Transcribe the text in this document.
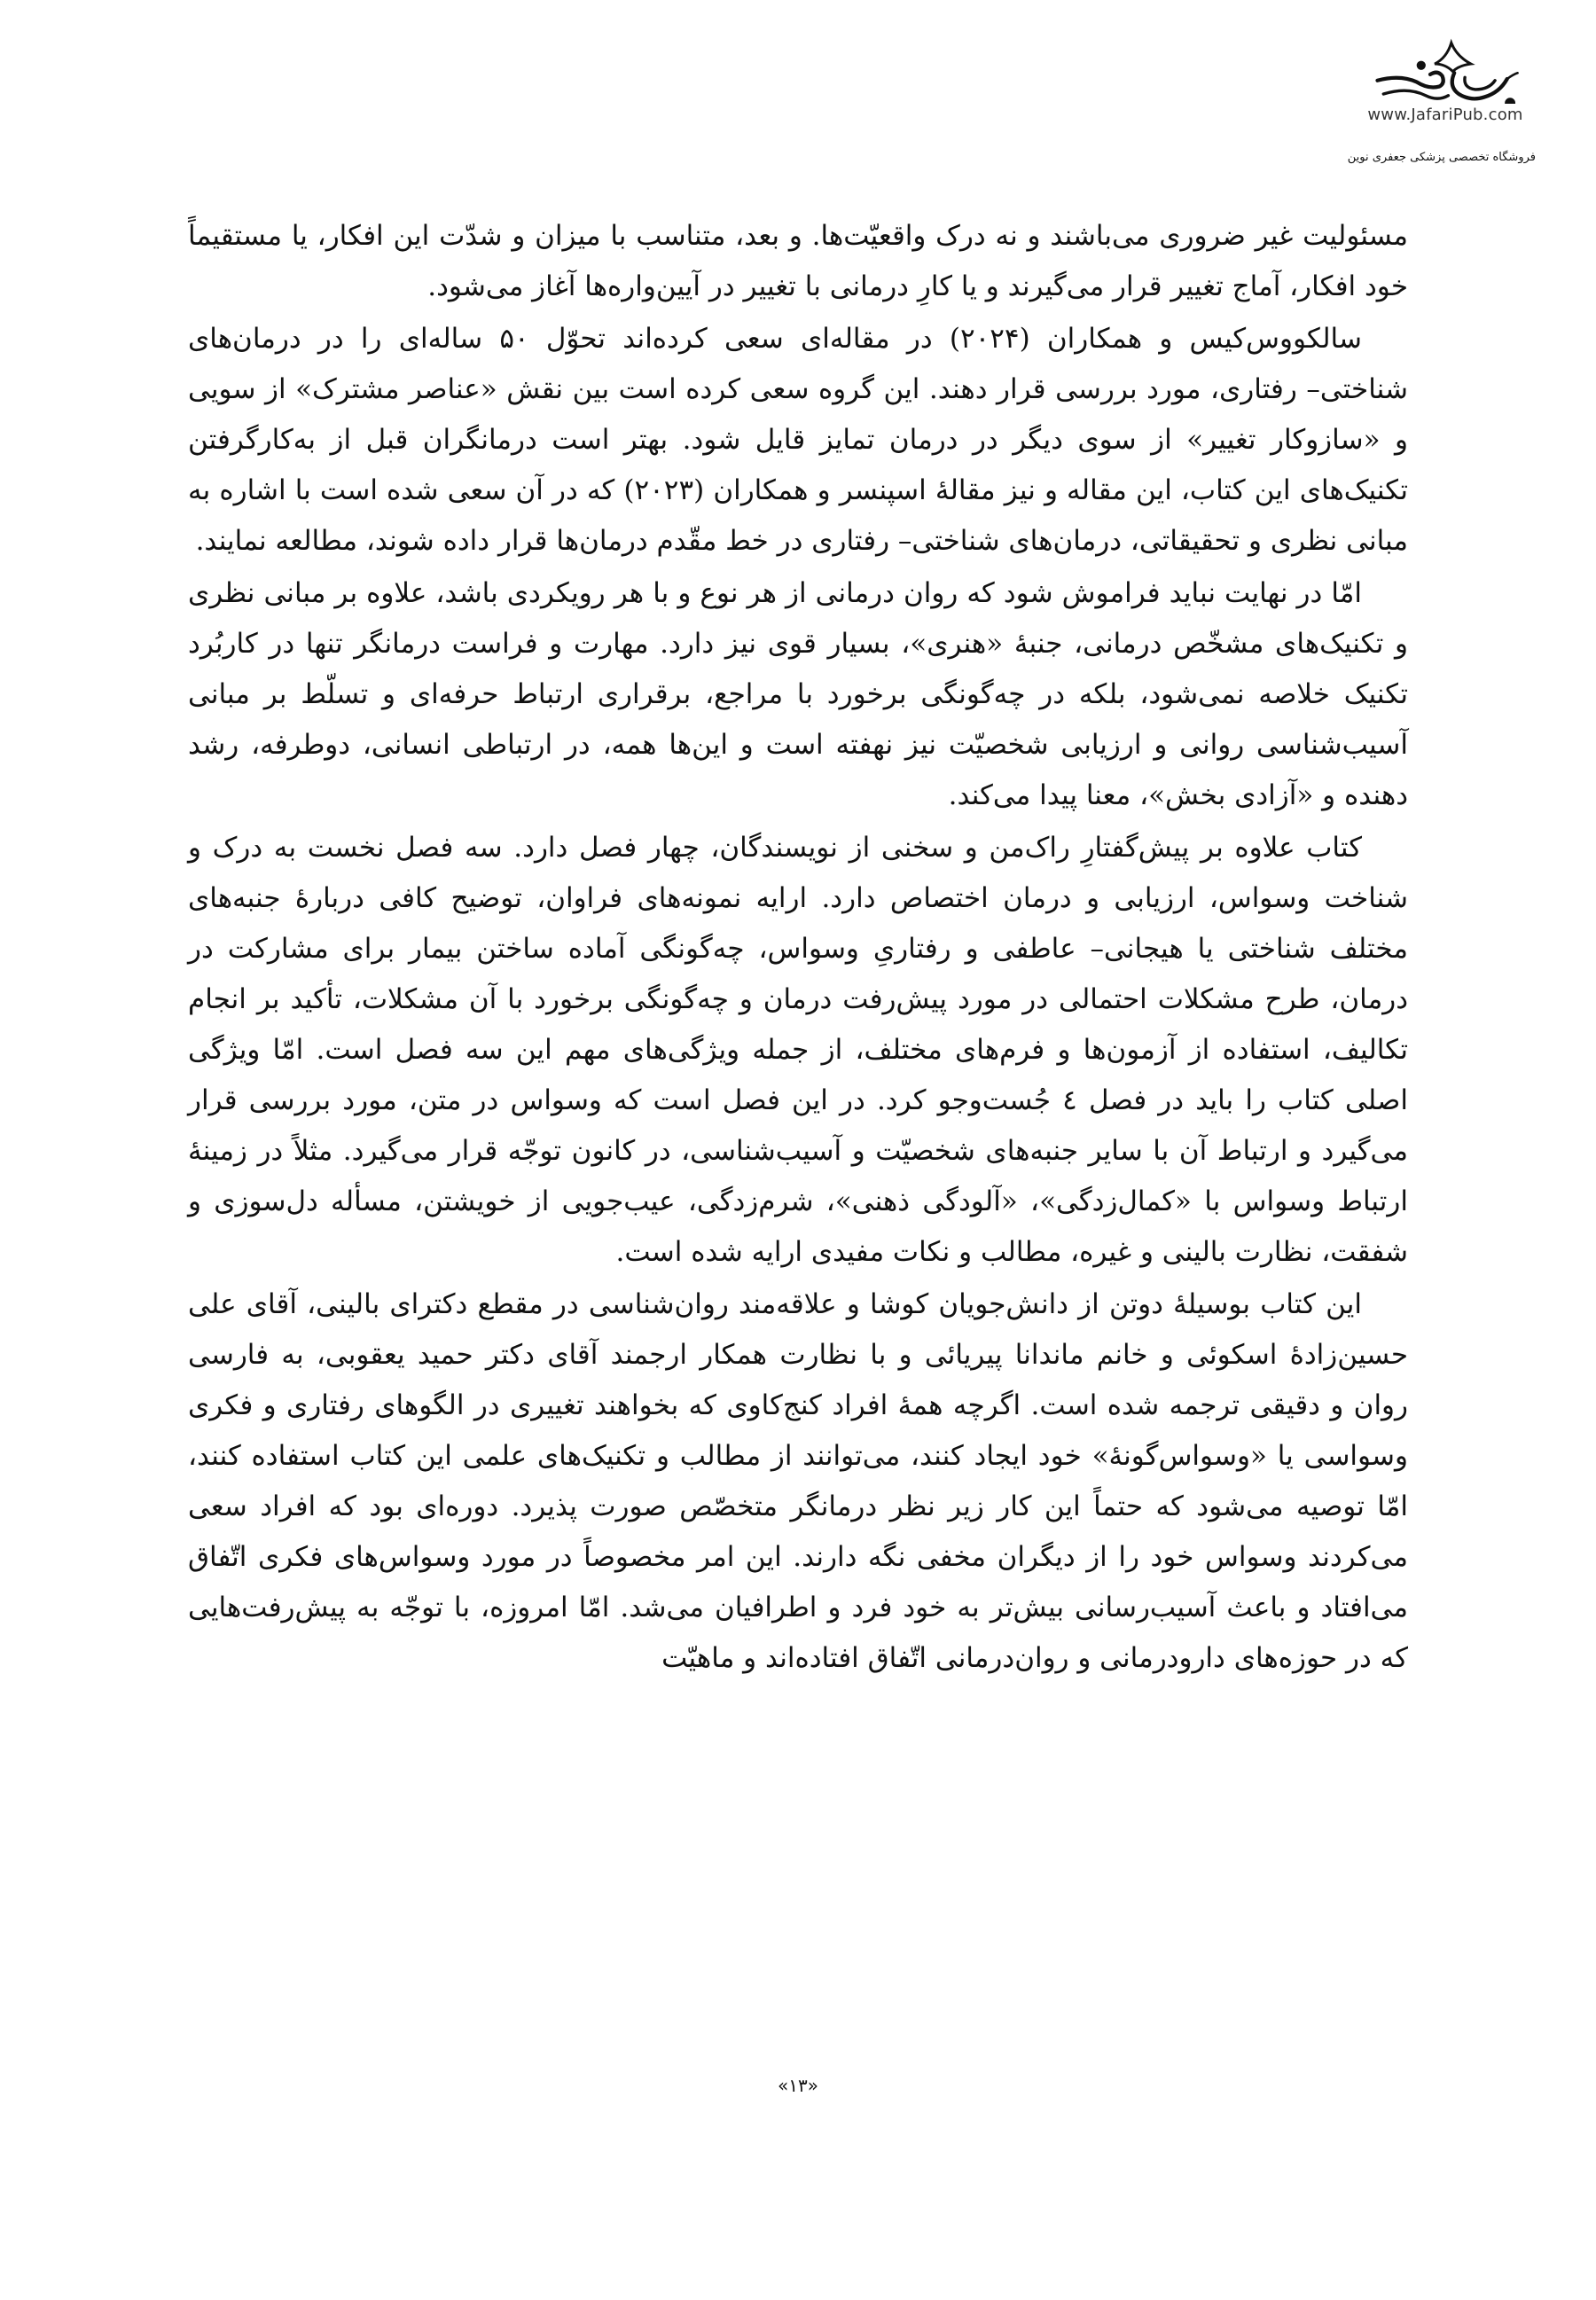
www.JafariPub.com
فروشگاه تخصصی پزشکی جعفری نوین

مسئولیت غیر ضروری می‌باشند و نه درک واقعیّت‌ها. و بعد، متناسب با میزان و شدّت این افکار، یا مستقیماً خود افکار، آماج تغییر قرار می‌گیرند و یا کارِ درمانی با تغییر در آیین‌واره‌ها آغاز می‌شود.

سالکووس‌کیس و همکاران (۲۰۲۴) در مقاله‌ای سعی کرده‌اند تحوّل ۵۰ ساله‌ای را در درمان‌های شناختی– رفتاری، مورد بررسی قرار دهند. این گروه سعی کرده است بین نقش «عناصر مشترک» از سویی و «سازوکار تغییر» از سوی دیگر در درمان تمایز قایل شود. بهتر است درمانگران قبل از به‌کارگرفتن تکنیک‌های این کتاب، این مقاله و نیز مقالهٔ اسپنسر و همکاران (۲۰۲۳) که در آن سعی شده است با اشاره به مبانی نظری و تحقیقاتی، درمان‌های شناختی– رفتاری در خط مقّدم درمان‌ها قرار داده شوند، مطالعه نمایند.

امّا در نهایت نباید فراموش شود که روان درمانی از هر نوع و با هر رویکردی باشد، علاوه بر مبانی نظری و تکنیک‌های مشخّص درمانی، جنبهٔ «هنری»، بسیار قوی نیز دارد. مهارت و فراست درمانگر تنها در کاربُرد تکنیک خلاصه نمی‌شود، بلکه در چه‌گونگی برخورد با مراجع، برقراری ارتباط حرفه‌ای و تسلّط بر مبانی آسیب‌شناسی روانی و ارزیابی شخصیّت نیز نهفته است و این‌ها همه، در ارتباطی انسانی، دوطرفه، رشد دهنده و «آزادی بخش»، معنا پیدا می‌کند.

کتاب علاوه بر پیش‌گفتارِ راک‌من و سخنی از نویسندگان، چهار فصل دارد. سه فصل نخست به درک و شناخت وسواس، ارزیابی و درمان اختصاص دارد. ارایه نمونه‌های فراوان، توضیح کافی دربارهٔ جنبه‌های مختلف شناختی یا هیجانی– عاطفی و رفتاریِ وسواس، چه‌گونگی آماده ساختن بیمار برای مشارکت در درمان، طرح مشکلات احتمالی در مورد پیش‌رفت درمان و چه‌گونگی برخورد با آن مشکلات، تأکید بر انجام تکالیف، استفاده از آزمون‌ها و فرم‌های مختلف، از جمله ویژگی‌های مهم این سه فصل است. امّا ویژگی اصلی کتاب را باید در فصل ٤ جُست‌وجو کرد. در این فصل است که وسواس در متن، مورد بررسی قرار می‌گیرد و ارتباط آن با سایر جنبه‌های شخصیّت و آسیب‌شناسی، در کانون توجّه قرار می‌گیرد. مثلاً در زمینهٔ ارتباط وسواس با «کمال‌زدگی»، «آلودگی ذهنی»، شرم‌زدگی، عیب‌جویی از خویشتن، مسأله دل‌سوزی و شفقت، نظارت بالینی و غیره، مطالب و نکات مفیدی ارایه شده است.

این کتاب بوسیلهٔ دوتن از دانش‌جویان کوشا و علاقه‌مند روان‌شناسی در مقطع دکترای بالینی، آقای علی حسین‌زادهٔ اسکوئی و خانم ماندانا پیریائی و با نظارت همکار ارجمند آقای دکتر حمید یعقوبی، به فارسی روان و دقیقی ترجمه شده است. اگرچه همهٔ افراد کنج‌کاوی که بخواهند تغییری در الگوهای رفتاری و فکری وسواسی یا «وسواس‌گونهٔ» خود ایجاد کنند، می‌توانند از مطالب و تکنیک‌های علمی این کتاب استفاده کنند، امّا توصیه می‌شود که حتماً این کار زیر نظر درمانگر متخصّص صورت پذیرد. دوره‌ای بود که افراد سعی می‌کردند وسواس خود را از دیگران مخفی نگه دارند. این امر مخصوصاً در مورد وسواس‌های فکری اتّفاق می‌افتاد و باعث آسیب‌رسانی بیش‌تر به خود فرد و اطرافیان می‌شد. امّا امروزه، با توجّه به پیش‌رفت‌هایی که در حوزه‌های دارودرمانی و روان‌درمانی اتّفاق افتاده‌اند و ماهیّت

«۱۳»
